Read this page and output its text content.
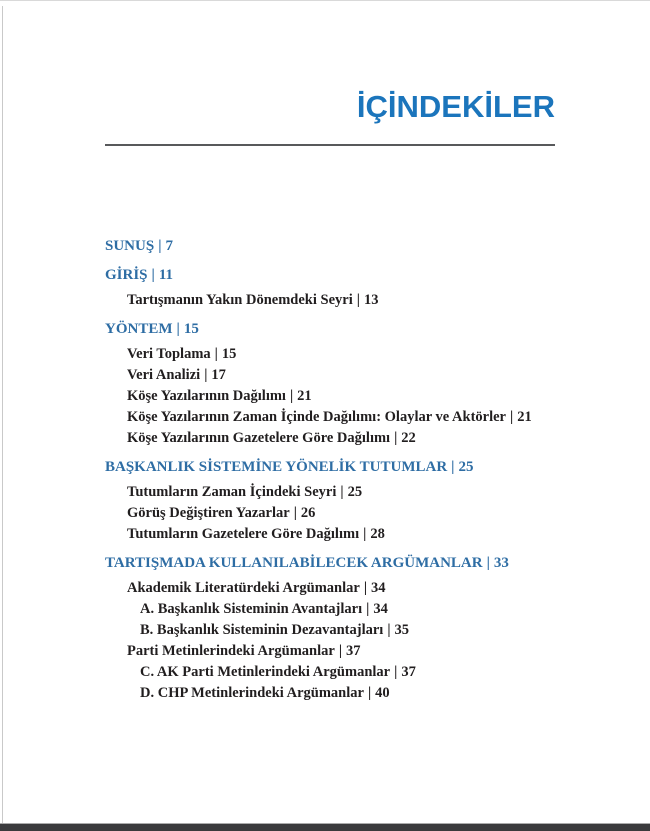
İÇİNDEKİLER
SUNUŞ | 7
GİRİŞ | 11
Tartışmanın Yakın Dönemdeki Seyri | 13
YÖNTEM | 15
Veri Toplama | 15
Veri Analizi | 17
Köşe Yazılarının Dağılımı | 21
Köşe Yazılarının Zaman İçinde Dağılımı: Olaylar ve Aktörler | 21
Köşe Yazılarının Gazetelere Göre Dağılımı | 22
BAŞKANLIK SİSTEMİNE YÖNELİK TUTUMLAR | 25
Tutumların Zaman İçindeki Seyri | 25
Görüş Değiştiren Yazarlar | 26
Tutumların Gazetelere Göre Dağılımı | 28
TARTIŞMADA KULLANILABİLECEK ARGÜMANLAR | 33
Akademik Literatürdeki Argümanlar | 34
A. Başkanlık Sisteminin Avantajları | 34
B. Başkanlık Sisteminin Dezavantajları | 35
Parti Metinlerindeki Argümanlar | 37
C. AK Parti Metinlerindeki Argümanlar | 37
D. CHP Metinlerindeki Argümanlar | 40
